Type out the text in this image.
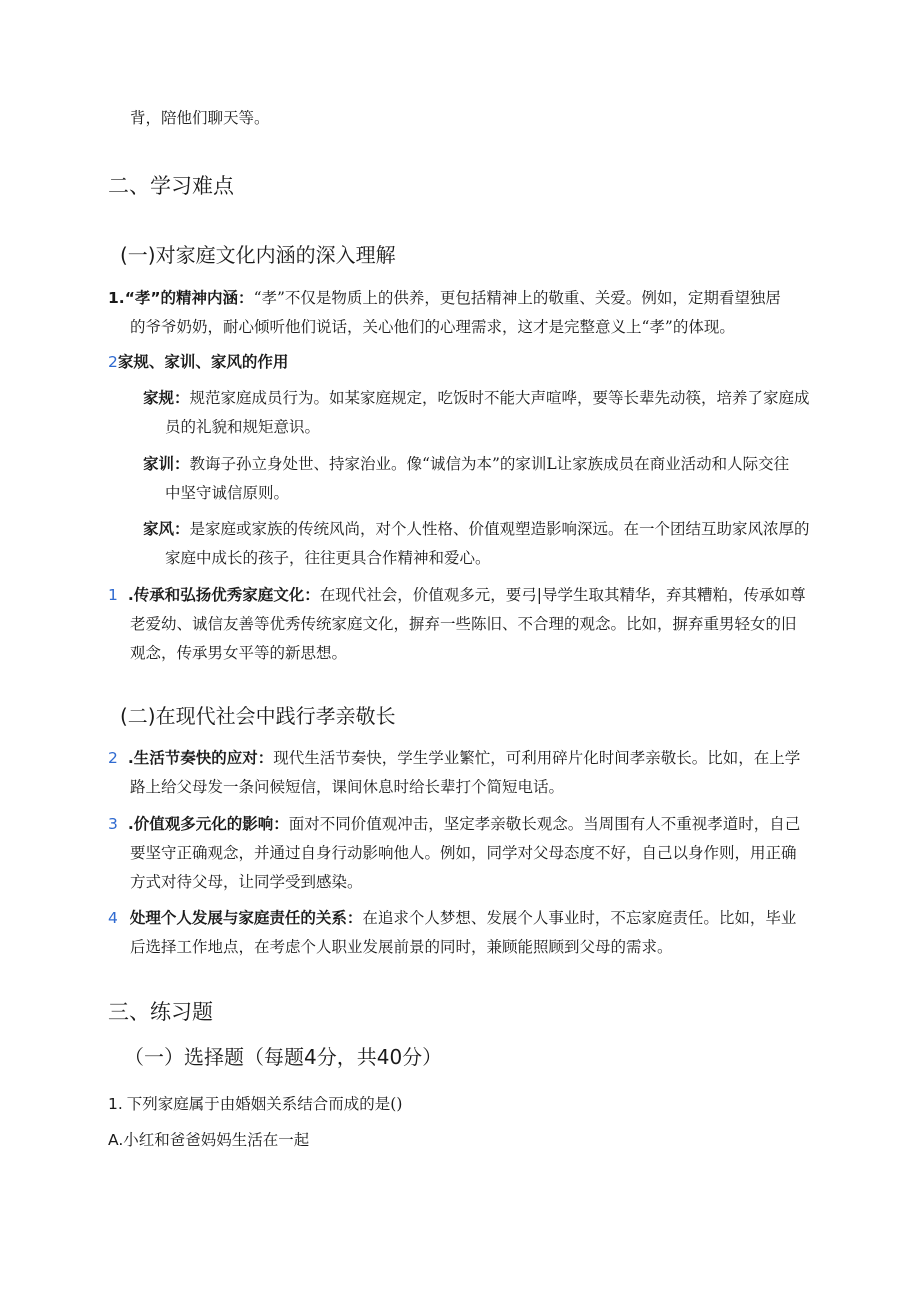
背，陪他们聊天等。
二、学习难点
(一)对家庭文化内涵的深入理解
1.“孝”的精神内涵：“孝”不仅是物质上的供养，更包括精神上的敬重、关爱。例如，定期看望独居
的爷爷奶奶，耐心倾听他们说话，关心他们的心理需求，这才是完整意义上“孝”的体现。
2家规、家训、家风的作用
家规：规范家庭成员行为。如某家庭规定，吃饭时不能大声喧哗，要等长辈先动筷，培养了家庭成
员的礼貌和规矩意识。
家训：教诲子孙立身处世、持家治业。像“诚信为本”的家训L让家族成员在商业活动和人际交往
中坚守诚信原则。
家风：是家庭或家族的传统风尚，对个人性格、价值观塑造影响深远。在一个团结互助家风浓厚的
家庭中成长的孩子，往往更具合作精神和爱心。
1 .传承和弘扬优秀家庭文化：在现代社会，价值观多元，要弓|导学生取其精华，弃其糟粕，传承如尊
老爱幼、诚信友善等优秀传统家庭文化，摒弃一些陈旧、不合理的观念。比如，摒弃重男轻女的旧
观念，传承男女平等的新思想。
(二)在现代社会中践行孝亲敬长
2 .生活节奏快的应对：现代生活节奏快，学生学业繁忙，可利用碎片化时间孝亲敬长。比如，在上学
路上给父母发一条问候短信，课间休息时给长辈打个简短电话。
3 .价值观多元化的影响：面对不同价值观冲击，坚定孝亲敬长观念。当周围有人不重视孝道时，自己
要坚守正确观念，并通过自身行动影响他人。例如，同学对父母态度不好，自己以身作则，用正确
方式对待父母，让同学受到感染。
4 处理个人发展与家庭责任的关系：在追求个人梦想、发展个人事业时，不忘家庭责任。比如，毕业
后选择工作地点，在考虑个人职业发展前景的同时，兼顾能照顾到父母的需求。
三、练习题
（一）选择题（每题4分，共40分）
1. 下列家庭属于由婚姻关系结合而成的是()
A.小红和爸爸妈妈生活在一起
